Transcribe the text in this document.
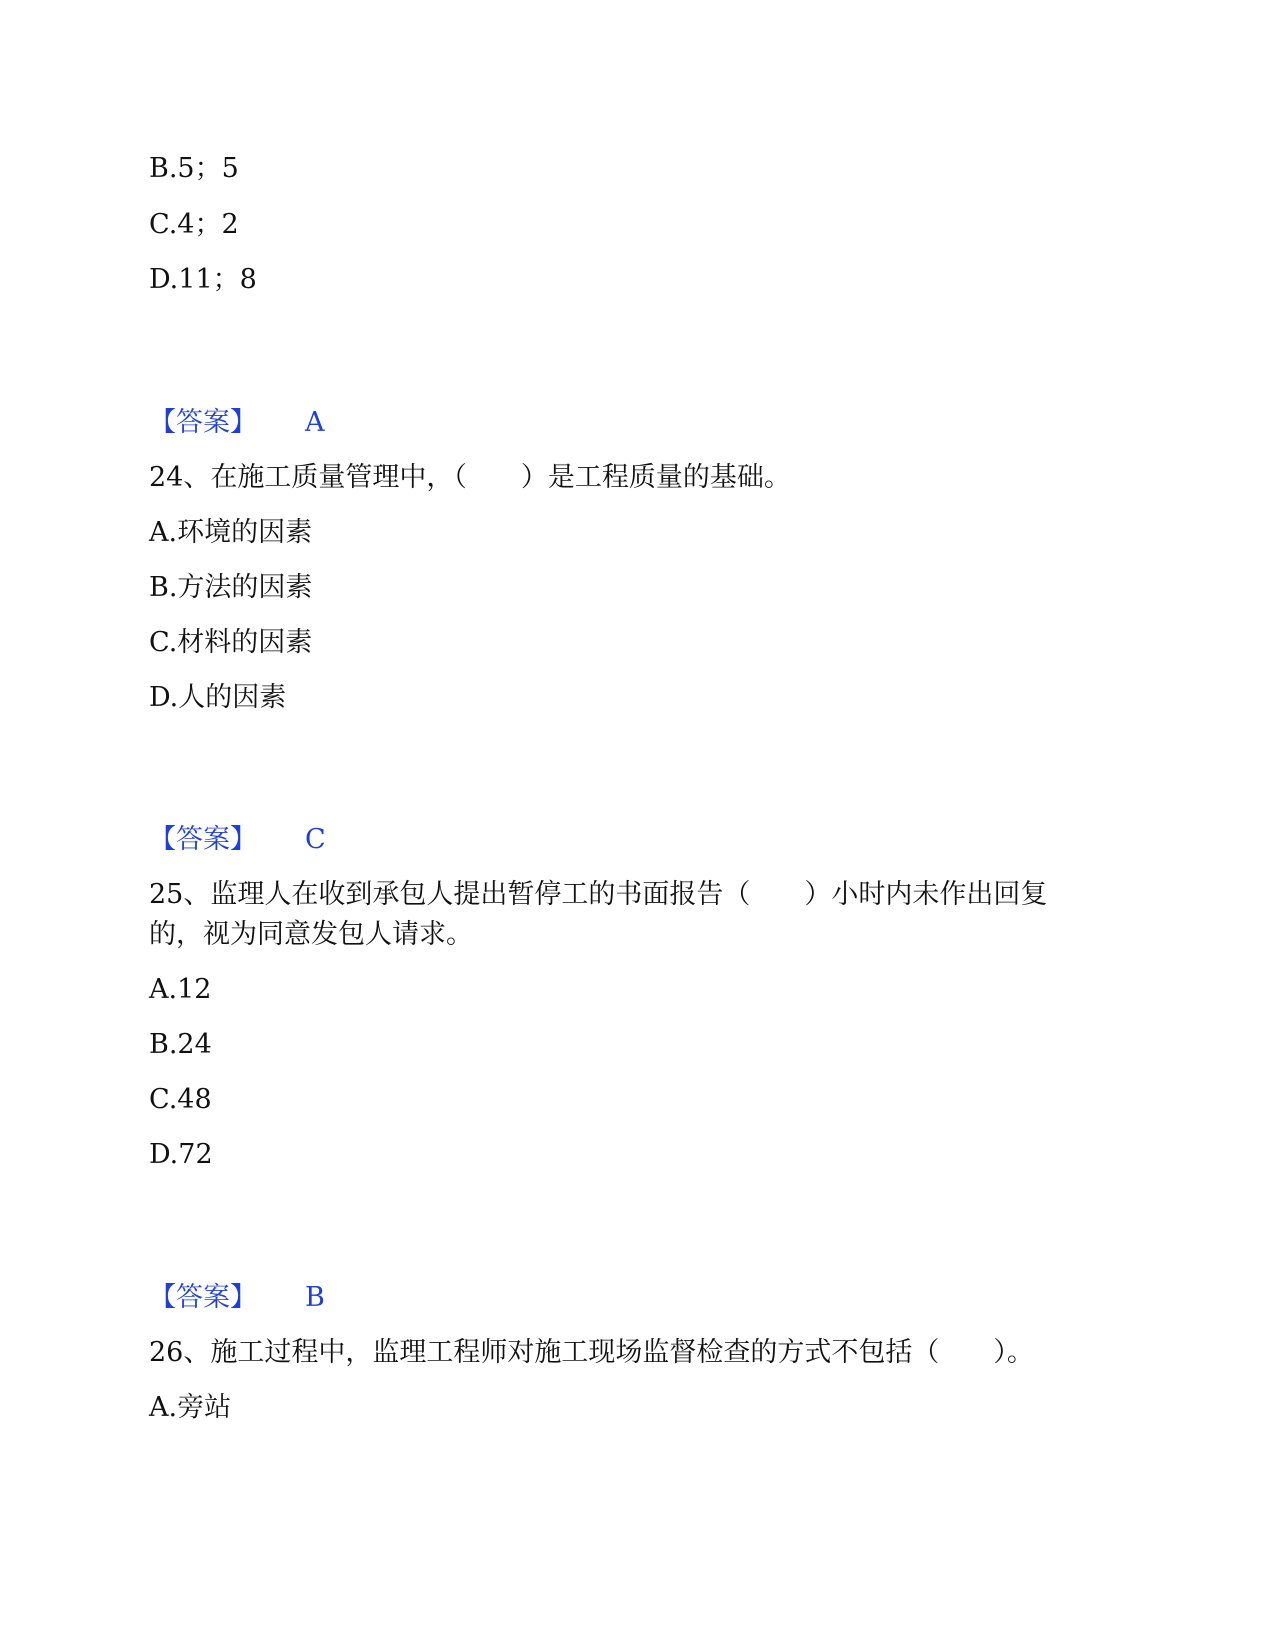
B.5；5
C.4；2
D.11；8
【答案】 A
24、在施工质量管理中，（　　）是工程质量的基础。
A.环境的因素
B.方法的因素
C.材料的因素
D.人的因素
【答案】 C
25、监理人在收到承包人提出暂停工的书面报告（　　）小时内未作出回复
的，视为同意发包人请求。
A.12
B.24
C.48
D.72
【答案】 B
26、施工过程中，监理工程师对施工现场监督检查的方式不包括（　　）。
A.旁站
